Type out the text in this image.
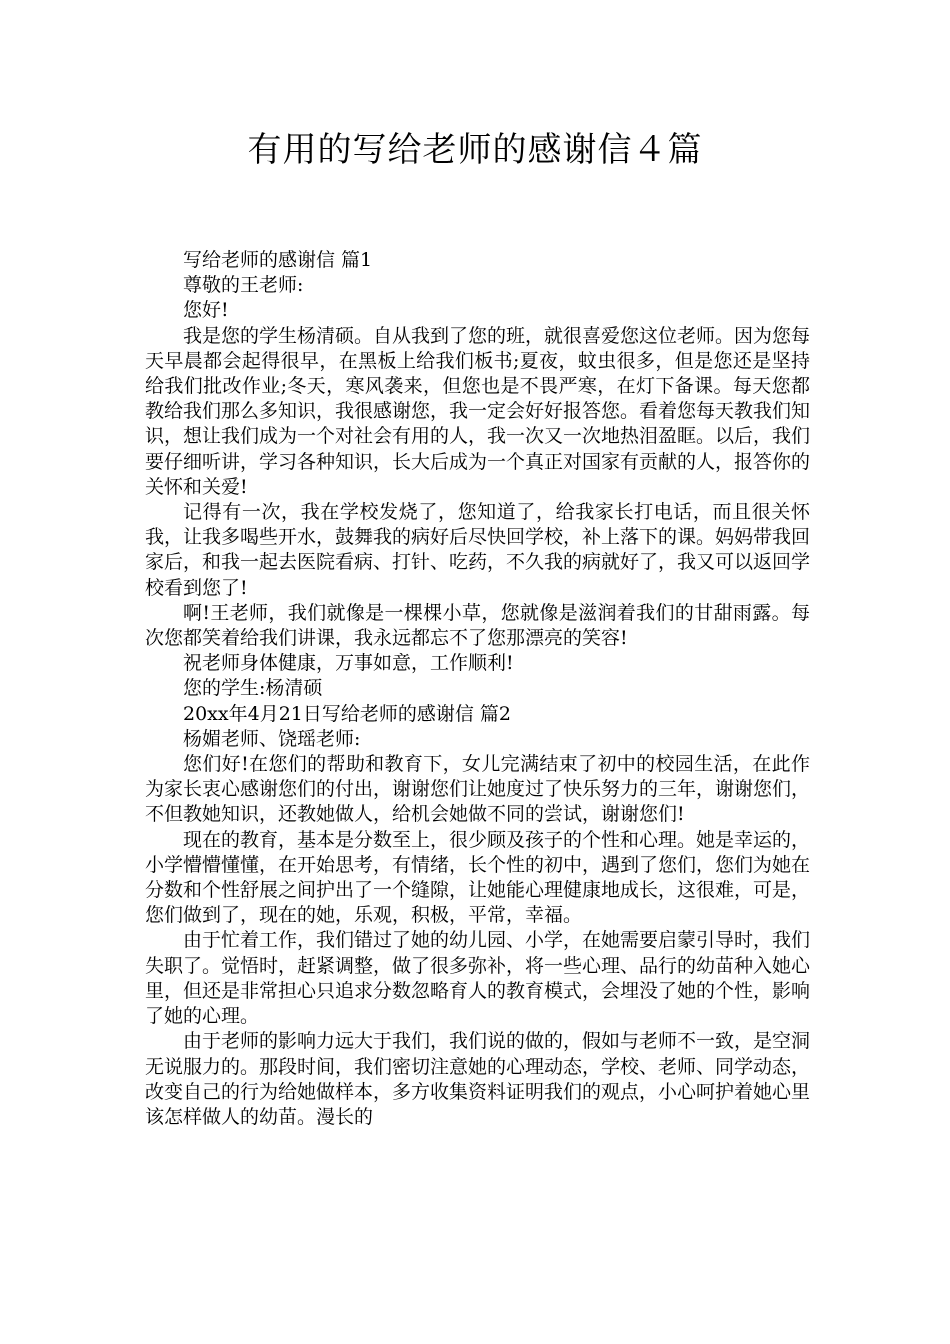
有用的写给老师的感谢信４篇

写给老师的感谢信 篇1

尊敬的王老师:

您好!

我是您的学生杨清硕。自从我到了您的班，就很喜爱您这位老师。因为您每天早晨都会起得很早，在黑板上给我们板书;夏夜，蚊虫很多，但是您还是坚持给我们批改作业;冬天，寒风袭来，但您也是不畏严寒，在灯下备课。每天您都教给我们那么多知识，我很感谢您，我一定会好好报答您。看着您每天教我们知识，想让我们成为一个对社会有用的人，我一次又一次地热泪盈眶。以后，我们要仔细听讲，学习各种知识，长大后成为一个真正对国家有贡献的人，报答你的关怀和关爱!

记得有一次，我在学校发烧了，您知道了，给我家长打电话，而且很关怀我，让我多喝些开水，鼓舞我的病好后尽快回学校，补上落下的课。妈妈带我回家后，和我一起去医院看病、打针、吃药，不久我的病就好了，我又可以返回学校看到您了!

啊!王老师，我们就像是一棵棵小草，您就像是滋润着我们的甘甜雨露。每次您都笑着给我们讲课，我永远都忘不了您那漂亮的笑容!

祝老师身体健康，万事如意，工作顺利!

您的学生:杨清硕

20xx年4月21日写给老师的感谢信 篇2

杨媚老师、饶瑶老师:

您们好!在您们的帮助和教育下，女儿完满结束了初中的校园生活，在此作为家长衷心感谢您们的付出，谢谢您们让她度过了快乐努力的三年，谢谢您们，不但教她知识，还教她做人，给机会她做不同的尝试，谢谢您们!

现在的教育，基本是分数至上，很少顾及孩子的个性和心理。她是幸运的，小学懵懵懂懂，在开始思考，有情绪，长个性的初中，遇到了您们，您们为她在分数和个性舒展之间护出了一个缝隙，让她能心理健康地成长，这很难，可是，您们做到了，现在的她，乐观，积极，平常，幸福。

由于忙着工作，我们错过了她的幼儿园、小学，在她需要启蒙引导时，我们失职了。觉悟时，赶紧调整，做了很多弥补，将一些心理、品行的幼苗种入她心里，但还是非常担心只追求分数忽略育人的教育模式，会埋没了她的个性，影响了她的心理。

由于老师的影响力远大于我们，我们说的做的，假如与老师不一致，是空洞无说服力的。那段时间，我们密切注意她的心理动态，学校、老师、同学动态，改变自己的行为给她做样本，多方收集资料证明我们的观点，小心呵护着她心里该怎样做人的幼苗。漫长的
